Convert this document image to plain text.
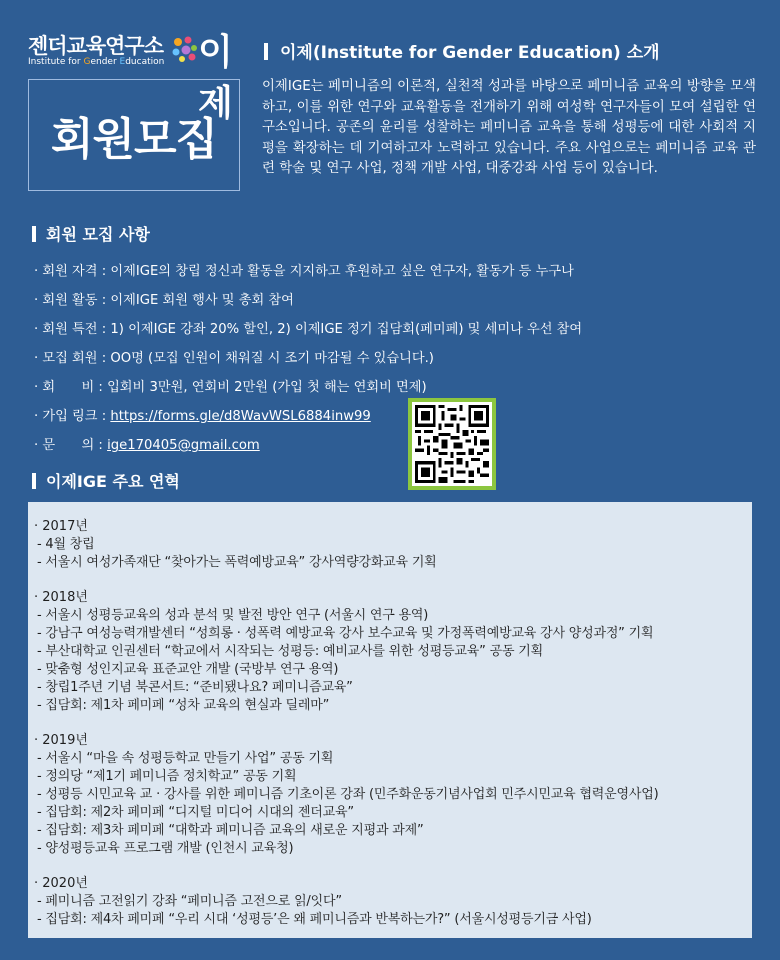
젠더교육연구소
Institute for Gender Education 이제
이제(Institute for Gender Education) 소개
회원모집
이제IGE는 페미니즘의 이론적, 실천적 성과를 바탕으로 페미니즘 교육의 방향을 모색하고, 이를 위한 연구와 교육활동을 전개하기 위해 여성학 연구자들이 모여 설립한 연구소입니다. 공존의 윤리를 성찰하는 페미니즘 교육을 통해 성평등에 대한 사회적 지평을 확장하는 데 기여하고자 노력하고 있습니다. 주요 사업으로는 페미니즘 교육 관련 학술 및 연구 사업, 정책 개발 사업, 대중강좌 사업 등이 있습니다.
회원 모집 사항
· 회원 자격 : 이제IGE의 창립 정신과 활동을 지지하고 후원하고 싶은 연구자, 활동가 등 누구나
· 회원 활동 : 이제IGE 회원 행사 및 총회 참여
· 회원 특전 : 1) 이제IGE 강좌 20% 할인, 2) 이제IGE 정기 집담회(페미페) 및 세미나 우선 참여
· 모집 회원 : OO명 (모집 인원이 채워질 시 조기 마감될 수 있습니다.)
· 회　　비 : 입회비 3만원, 연회비 2만원 (가입 첫 해는 연회비 면제)
· 가입 링크 : https://forms.gle/d8WavWSL6884inw99
· 문　　의 : ige170405@gmail.com
이제IGE 주요 연혁
· 2017년
- 4월 창립
- 서울시 여성가족재단 “찾아가는 폭력예방교육” 강사역량강화교육 기획
· 2018년
- 서울시 성평등교육의 성과 분석 및 발전 방안 연구 (서울시 연구 용역)
- 강남구 여성능력개발센터 “성희롱 · 성폭력 예방교육 강사 보수교육 및 가정폭력예방교육 강사 양성과정” 기획
- 부산대학교 인권센터 “학교에서 시작되는 성평등: 예비교사를 위한 성평등교육” 공동 기획
- 맞춤형 성인지교육 표준교안 개발 (국방부 연구 용역)
- 창립1주년 기념 북콘서트: “준비됐나요? 페미니즘교육”
- 집담회: 제1차 페미페 “성차 교육의 현실과 딜레마”
· 2019년
- 서울시 “마을 속 성평등학교 만들기 사업” 공동 기획
- 정의당 “제1기 페미니즘 정치학교” 공동 기획
- 성평등 시민교육 교 · 강사를 위한 페미니즘 기초이론 강좌 (민주화운동기념사업회 민주시민교육 협력운영사업)
- 집담회: 제2차 페미페 “디지털 미디어 시대의 젠더교육”
- 집담회: 제3차 페미페 “대학과 페미니즘 교육의 새로운 지평과 과제”
- 양성평등교육 프로그램 개발 (인천시 교육청)
· 2020년
- 페미니즘 고전읽기 강좌 “페미니즘 고전으로 읽/잇다”
- 집담회: 제4차 페미페 “우리 시대 ‘성평등’은 왜 페미니즘과 반복하는가?” (서울시성평등기금 사업)
